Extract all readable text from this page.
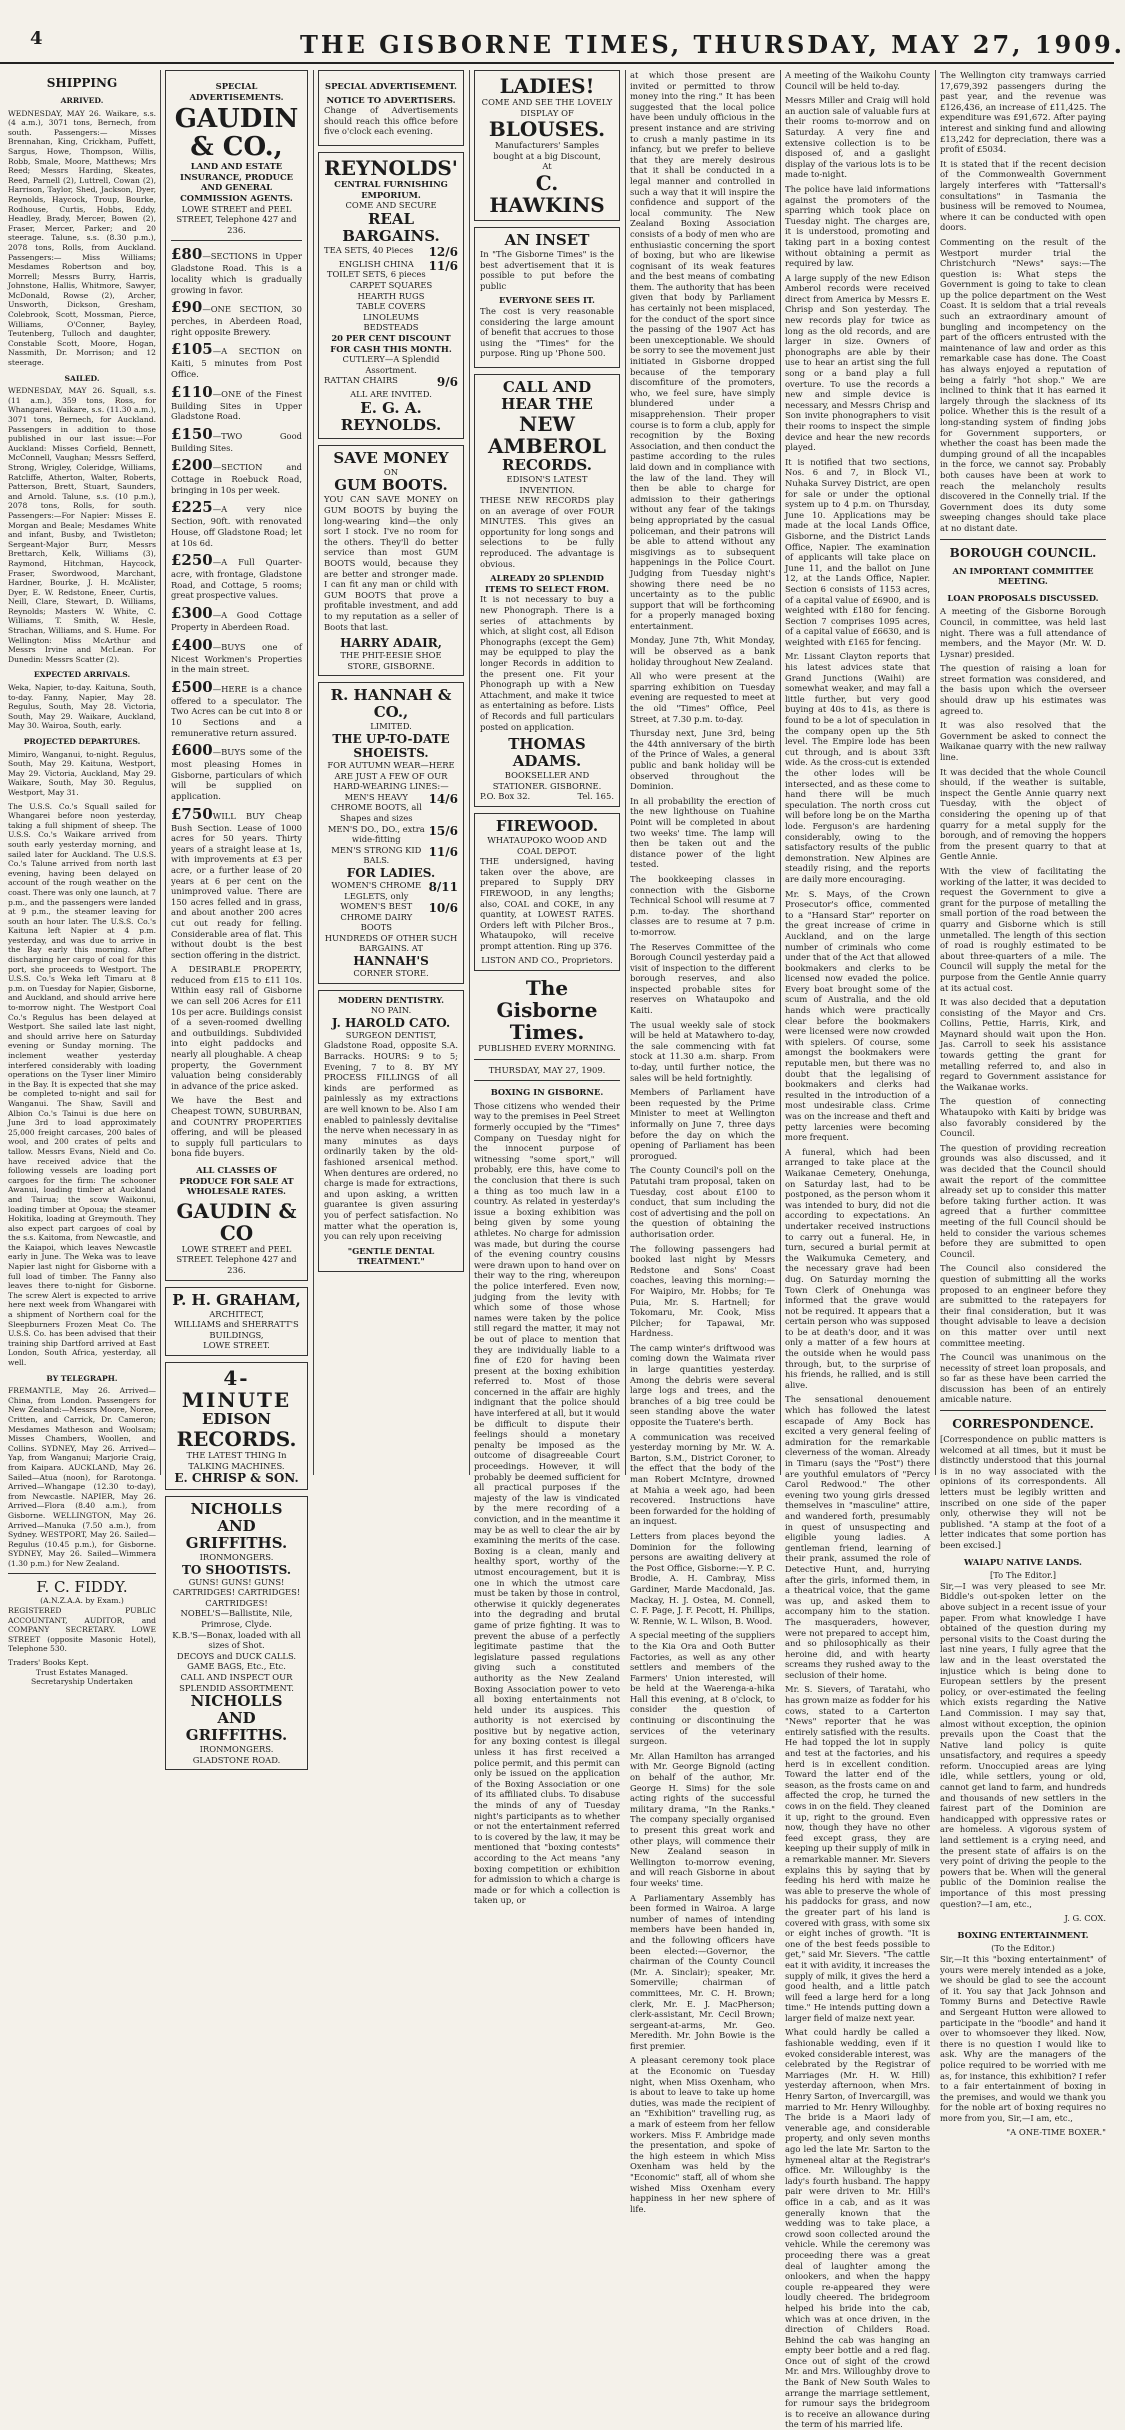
4	THE GISBORNE TIMES, THURSDAY, MAY 27, 1909.
SHIPPING
ARRIVED.

WEDNESDAY, MAY 26. Waikare, s.s. (4 a.m.), 3071 tons, Bernech, from south. Passengers:— Misses Brennahan, King, Crickham, Puffett, Sargus, Howe, Thompson, Willis, Robb, Smale, Moore, Matthews; Mrs Reed; Messrs Harding, Skeates, Reed, Parnell (2), Luttrell, Cowan (2), Harrison, Taylor, Shed, Jackson, Dyer, Reynolds, Haycock, Troup, Bourke, Rodhouse, Curtis, Hobbs, Eddy, Headley, Brady, Mercer, Bowen (2), Fraser, Mercer, Parker; and 20 steerage. Talune, s.s. (8.30 p.m.), 2078 tons, Rolls, from Auckland. Passengers:— Miss Williams; Mesdames Robertson and boy, Morrell; Messrs Burry, Harris, Johnstone, Hallis, Whitmore, Sawyer, McDonald, Rowse (2), Archer, Unsworth, Dickson, Gresham, Colebrook, Scott, Mossman, Pierce, Williams, O'Conner, Bayley, Teutenberg, Tulloch and daughter, Constable Scott, Moore, Hogan, Nassmith, Dr. Morrison; and 12 steerage.

SAILED.

WEDNESDAY, MAY 26. Squall, s.s. (11 a.m.), 359 tons, Ross, for Whangarei. Waikare, s.s. (11.30 a.m.), 3071 tons, Bernech, for Auckland. Passengers in addition to those published in our last issue:—For Auckland: Misses Corfield, Bennett, McConnell, Vaughan; Messrs Sefferd, Strong, Wrigley, Coleridge, Williams, Ratcliffe, Atherton, Walter, Roberts, Patterson, Brett, Stuart, Saunders, and Arnold. Talune, s.s. (10 p.m.), 2078 tons, Rolls, for south. Passengers:—For Napier: Misses E. Morgan and Beale; Mesdames White and infant, Busby, and Twistleton; Sergeant-Major Burr, Messrs Brettarch, Kelk, Williams (3), Raymond, Hitchman, Haycock, Fraser, Swordwood, Marchant, Hardner, Bourke, J. H. McAlister, Dyer, E. W. Redstone, Eneer, Curtis, Neill, Clare, Stewart, D. Williams, Reynolds; Masters W. White, C. Williams, T. Smith, W. Hesle, Strachan, Williams, and S. Hume. For Wellington: Miss McArthur and Messrs Irvine and McLean. For Dunedin: Messrs Scatter (2).

EXPECTED ARRIVALS.

Weka, Napier, to-day. Kaituna, South, to-day. Fanny, Napier, May 28. Regulus, South, May 28. Victoria, South, May 29. Waikare, Auckland, May 30. Wairoa, South, early.

PROJECTED DEPARTURES.

Mimiro, Wanganui, to-night. Regulus, South, May 29. Kaituna, Westport, May 29. Victoria, Auckland, May 29. Waikare, South, May 30. Regulus, Westport, May 31.

The U.S.S. Co.'s Squall sailed for Whangarei before noon yesterday, taking a full shipment of sheep. The U.S.S. Co.'s Waikare arrived from south early yesterday morning, and sailed later for Auckland. The U.S.S. Co.'s Talune arrived from north last evening, having been delayed on account of the rough weather on the coast. There was only one launch, at 7 p.m., and the passengers were landed at 9 p.m., the steamer leaving for south an hour later. The U.S.S. Co.'s Kaituna left Napier at 4 p.m. yesterday, and was due to arrive in the Bay early this morning. After discharging her cargo of coal for this port, she proceeds to Westport. The U.S.S. Co.'s Weka left Timaru at 8 p.m. on Tuesday for Napier, Gisborne, and Auckland, and should arrive here to-morrow night. The Westport Coal Co.'s Regulus has been delayed at Westport. She sailed late last night, and should arrive here on Saturday evening or Sunday morning. The inclement weather yesterday interfered considerably with loading operations on the Tyser liner Mimiro in the Bay. It is expected that she may be completed to-night and sail for Wanganui. The Shaw, Savill and Albion Co.'s Tainui is due here on June 3rd to load approximately 25,000 freight carcases, 200 bales of wool, and 200 crates of pelts and tallow. Messrs Evans, Nield and Co. have received advice that the following vessels are loading port cargoes for the firm: The schooner Awanui, loading timber at Auckland and Tairua; the scow Waikonui, loading timber at Opoua; the steamer Hokitika, loading at Greymouth. They also expect part cargoes of coal by the s.s. Kaitoma, from Newcastle, and the Kaiapoi, which leaves Newcastle early in June. The Weka was to leave Napier last night for Gisborne with a full load of timber. The Fanny also leaves there to-night for Gisborne. The screw Alert is expected to arrive here next week from Whangarei with a shipment of Northern coal for the Sleepburners Frozen Meat Co. The U.S.S. Co. has been advised that their training ship Dartford arrived at East London, South Africa, yesterday, all well.

BY TELEGRAPH.

FREMANTLE, May 26. Arrived—China, from London. Passengers for New Zealand:—Messrs Moore, Noree, Critten, and Carrick, Dr. Cameron; Mesdames Matheson and Woolsam; Misses Chambers, Woollen, and Collins. SYDNEY, May 26. Arrived—Yap, from Wanganui; Marjorie Craig, from Kaipara. AUCKLAND, May 26. Sailed—Atua (noon), for Rarotonga. Arrived—Whangape (12.30 to-day), from Newcastle. NAPIER, May 26. Arrived—Flora (8.40 a.m.), from Gisborne. WELLINGTON, May 26. Arrived—Manuka (7.50 a.m.), from Sydney. WESTPORT, May 26. Sailed—Regulus (10.45 p.m.), for Gisborne. SYDNEY, May 26. Sailed—Wimmera (1.30 p.m.) for New Zealand.

F. C. FIDDY.
(A.N.Z.A.A. by Exam.)

REGISTERED PUBLIC ACCOUNTANT, AUDITOR, and COMPANY SECRETARY. LOWE STREET (opposite Masonic Hotel), Telephone 530.

Traders' Books Kept.
Trust Estates Managed.
Secretaryship Undertaken
SPECIAL ADVERTISEMENTS.
GAUDIN & CO.,
LAND AND ESTATE INSURANCE, PRODUCE AND GENERAL COMMISSION AGENTS.
LOWE STREET and PEEL STREET, Telephone 427 and 236.

£80—SECTIONS in Upper Gladstone Road. This is a locality which is gradually growing in favor.

£90—ONE SECTION, 30 perches, in Aberdeen Road, right opposite Brewery.

£105—A SECTION on Kaiti, 5 minutes from Post Office.

£110—ONE of the Finest Building Sites in Upper Gladstone Road.

£150—TWO Good Building Sites.

£200—SECTION and Cottage in Roebuck Road, bringing in 10s per week.

£225—A very nice Section, 90ft. with renovated House, off Gladstone Road; let at 10s 6d.

£250—A Full Quarter-acre, with frontage, Gladstone Road, and Cottage, 5 rooms; great prospective values.

£300—A Good Cottage Property in Aberdeen Road.

£400—BUYS one of Nicest Workmen's Properties in the main street.

£500—HERE is a chance offered to a speculator. The Two Acres can be cut into 8 or 10 Sections and a remunerative return assured.

£600—BUYS some of the most pleasing Homes in Gisborne, particulars of which will be supplied on application.

£750WILL BUY Cheap Bush Section. Lease of 1000 acres for 50 years. Thirty years of a straight lease at 1s, with improvements at £3 per acre, or a further lease of 20 years at 6 per cent on the unimproved value. There are 150 acres felled and in grass, and about another 200 acres cut out ready for felling. Considerable area of flat. This without doubt is the best section offering in the district.

A DESIRABLE PROPERTY, reduced from £15 to £11 10s. Within easy rail of Gisborne we can sell 206 Acres for £11 10s per acre. Buildings consist of a seven-roomed dwelling and outbuildings. Subdivided into eight paddocks and nearly all ploughable. A cheap property, the Government valuation being considerably in advance of the price asked.

We have the Best and Cheapest TOWN, SUBURBAN, and COUNTRY PROPERTIES offering, and will be pleased to supply full particulars to bona fide buyers.

ALL CLASSES OF PRODUCE FOR SALE AT WHOLESALE RATES.
GAUDIN & CO
LOWE STREET and PEEL STREET. Telephone 427 and 236.
P. H. GRAHAM,
ARCHITECT,
WILLIAMS and SHERRATT'S
BUILDINGS,
LOWE STREET.
4-MINUTE
EDISON
RECORDS.
THE LATEST THING In TALKING MACHINES.
E. CHRISP & SON.
NICHOLLS AND GRIFFITHS.
IRONMONGERS.
TO SHOOTISTS.
GUNS! GUNS! GUNS!
CARTRIDGES! CARTRIDGES! CARTRIDGES!
NOBEL'S—Ballistite, Nile, Primrose, Clyde.
K.B.'S—Bonax, loaded with all sizes of Shot.
DECOYS and DUCK CALLS.
GAME BAGS, Etc., Etc.
CALL AND INSPECT OUR SPLENDID ASSORTMENT.
NICHOLLS AND GRIFFITHS.
IRONMONGERS.
GLADSTONE ROAD.
SPECIAL ADVERTISEMENT.
NOTICE TO ADVERTISERS.

Change of Advertisements should reach this office before five o'clock each evening.

REYNOLDS'
CENTRAL FURNISHING EMPORIUM.
COME AND SECURE
REAL BARGAINS.
TEA SETS, 40 Pieces 12/6
ENGLISH CHINA TOILET SETS, 6 pieces
11/6
CARPET SQUARES
HEARTH RUGS
TABLE COVERS
LINOLEUMS
BEDSTEADS
20 PER CENT DISCOUNT FOR CASH THIS MONTH.
CUTLERY—A Splendid Assortment.
RATTAN CHAIRS	9/6
ALL ARE INVITED.
E. G. A. REYNOLDS.
SAVE MONEY
ON
GUM BOOTS.

YOU CAN SAVE MONEY on GUM BOOTS by buying the long-wearing kind—the only sort I stock. I've no room for the others. They'll do better service than most GUM BOOTS would, because they are better and stronger made. I can fit any man or child with GUM BOOTS that prove a profitable investment, and add to my reputation as a seller of Boots that last.

HARRY ADAIR,
THE PHIT-EESIE SHOE STORE, GISBORNE.
R. HANNAH & CO.,
LIMITED.
THE UP-TO-DATE SHOEISTS.
FOR AUTUMN WEAR—HERE ARE JUST A FEW OF OUR HARD-WEARING LINES:—
MEN'S HEAVY CHROME BOOTS, all Shapes and sizes
14/6
MEN'S DO., DO., extra wide-fitting
15/6
MEN'S STRONG KID BALS.
11/6
FOR LADIES.
WOMEN'S CHROME LEGLETS, only
8/11
WOMEN'S BEST CHROME DAIRY BOOTS
10/6
HUNDREDS OF OTHER SUCH BARGAINS. AT
HANNAH'S
CORNER STORE.
MODERN DENTISTRY.
NO PAIN.
J. HAROLD CATO.
SURGEON DENTIST,

Gladstone Road, opposite S.A. Barracks. HOURS: 9 to 5; Evening, 7 to 8. BY MY PROCESS FILLINGS of all kinds are performed as painlessly as my extractions are well known to be. Also I am enabled to painlessly devitalise the nerve when necessary in as many minutes as days ordinarily taken by the old-fashioned arsenical method. When dentures are ordered, no charge is made for extractions, and upon asking, a written guarantee is given assuring you of perfect satisfaction. No matter what the operation is, you can rely upon receiving

"GENTLE DENTAL TREATMENT."
LADIES!
COME AND SEE THE LOVELY DISPLAY OF
BLOUSES.
Manufacturers' Samples bought at a big Discount,
At
C. HAWKINS
AN INSET

In "The Gisborne Times" is the best advertisement that it is possible to put before the public

EVERYONE SEES IT.

The cost is very reasonable considering the large amount of benefit that accrues to those using the "Times" for the purpose. Ring up 'Phone 500.

CALL AND HEAR THE
NEW
AMBEROL
RECORDS.
EDISON'S LATEST INVENTION.

THESE NEW RECORDS play on an average of over FOUR MINUTES. This gives an opportunity for long songs and selections to be fully reproduced. The advantage is obvious.

ALREADY 20 SPLENDID ITEMS TO SELECT FROM.

It is not necessary to buy a new Phonograph. There is a series of attachments by which, at slight cost, all Edison Phonographs (except the Gem) may be equipped to play the longer Records in addition to the present one. Fit your Phonograph up with a New Attachment, and make it twice as entertaining as before. Lists of Records and full particulars posted on application.

THOMAS ADAMS.
BOOKSELLER AND STATIONER. GISBORNE.
P.O. Box 32.	Tel. 165.
FIREWOOD.
WHATAUPOKO WOOD AND COAL DEPOT.

THE undersigned, having taken over the above, are prepared to Supply DRY FIREWOOD, in any lengths; also, COAL and COKE, in any quantity, at LOWEST RATES. Orders left with Pilcher Bros., Whataupoko, will receive prompt attention. Ring up 376.

LISTON AND CO., Proprietors.
The Gisborne Times.
PUBLISHED EVERY MORNING.
THURSDAY, MAY 27, 1909.
BOXING IN GISBORNE.

Those citizens who wended their way to the premises in Peel Street formerly occupied by the "Times" Company on Tuesday night for the innocent purpose of witnessing "some sport," will probably, ere this, have come to the conclusion that there is such a thing as too much law in a country. As related in yesterday's issue a boxing exhibition was being given by some young athletes. No charge for admission was made, but during the course of the evening country cousins were drawn upon to hand over on their way to the ring, whereupon the police interfered. Even now, judging from the levity with which some of those whose names were taken by the police still regard the matter, it may not be out of place to mention that they are individually liable to a fine of £20 for having been present at the boxing exhibition referred to. Most of those concerned in the affair are highly indignant that the police should have interfered at all, but it would be difficult to dispute their feelings should a monetary penalty be imposed as the outcome of disagreeable Court proceedings. However, it will probably be deemed sufficient for all practical purposes if the majesty of the law is vindicated by the mere recording of a conviction, and in the meantime it may be as well to clear the air by examining the merits of the case. Boxing is a clean, manly and healthy sport, worthy of the utmost encouragement, but it is one in which the utmost care must be taken by those in control, otherwise it quickly degenerates into the degrading and brutal game of prize fighting. It was to prevent the abuse of a perfectly legitimate pastime that the legislature passed regulations giving such a constituted authority as the New Zealand Boxing Association power to veto all boxing entertainments not held under its auspices. This authority is not exercised by positive but by negative action, for any boxing contest is illegal unless it has first received a police permit, and this permit can only be issued on the application of the Boxing Association or one of its affiliated clubs. To disabuse the minds of any of Tuesday night's participants as to whether or not the entertainment referred to is covered by the law, it may be mentioned that "boxing contests" according to the Act means "any boxing competition or exhibition for admission to which a charge is made or for which a collection is taken up, or

at which those present are invited or permitted to throw money into the ring." It has been suggested that the local police have been unduly officious in the present instance and are striving to crush a manly pastime in its infancy, but we prefer to believe that they are merely desirous that it shall be conducted in a legal manner and controlled in such a way that it will inspire the confidence and support of the local community. The New Zealand Boxing Association consists of a body of men who are enthusiastic concerning the sport of boxing, but who are likewise cognisant of its weak features and the best means of combating them. The authority that has been given that body by Parliament has certainly not been misplaced, for the conduct of the sport since the passing of the 1907 Act has been unexceptionable. We should be sorry to see the movement just initiated in Gisborne dropped because of the temporary discomfiture of the promoters, who, we feel sure, have simply blundered under a misapprehension. Their proper course is to form a club, apply for recognition by the Boxing Association, and then conduct the pastime according to the rules laid down and in compliance with the law of the land. They will then be able to charge for admission to their gatherings without any fear of the takings being appropriated by the casual policeman, and their patrons will be able to attend without any misgivings as to subsequent happenings in the Police Court. Judging from Tuesday night's showing there need be no uncertainty as to the public support that will be forthcoming for a properly managed boxing entertainment.

Monday, June 7th, Whit Monday, will be observed as a bank holiday throughout New Zealand.

All who were present at the sparring exhibition on Tuesday evening are requested to meet at the old "Times" Office, Peel Street, at 7.30 p.m. to-day.

Thursday next, June 3rd, being the 44th anniversary of the birth of the Prince of Wales, a general public and bank holiday will be observed throughout the Dominion.

In all probability the erection of the new lighthouse on Tuahine Point will be completed in about two weeks' time. The lamp will then be taken out and the distance power of the light tested.

The bookkeeping classes in connection with the Gisborne Technical School will resume at 7 p.m. to-day. The shorthand classes are to resume at 7 p.m. to-morrow.

The Reserves Committee of the Borough Council yesterday paid a visit of inspection to the different borough reserves, and also inspected probable sites for reserves on Whataupoko and Kaiti.

The usual weekly sale of stock will be held at Matawhero to-day, the sale commencing with fat stock at 11.30 a.m. sharp. From to-day, until further notice, the sales will be held fortnightly.

Members of Parliament have been requested by the Prime Minister to meet at Wellington informally on June 7, three days before the day on which the opening of Parliament has been prorogued.

The County Council's poll on the Patutahi tram proposal, taken on Tuesday, cost about £100 to conduct, that sum including the cost of advertising and the poll on the question of obtaining the authorisation order.

The following passengers had booked last night by Messrs Redstone and Sons' Coast coaches, leaving this morning:— For Waipiro, Mr. Hobbs; for Te Puia, Mr. S. Hartnell; for Tokomaru, Mr. Cook, Miss Pilcher; for Tapawai, Mr. Hardness.

The camp winter's driftwood was coming down the Waimata river in large quantities yesterday. Among the debris were several large logs and trees, and the branches of a big tree could be seen standing above the water opposite the Tuatere's berth.

A communication was received yesterday morning by Mr. W. A. Barton, S.M., District Coroner, to the effect that the body of the man Robert McIntyre, drowned at Mahia a week ago, had been recovered. Instructions have been forwarded for the holding of an inquest.

Letters from places beyond the Dominion for the following persons are awaiting delivery at the Post Office, Gisborne:—Y. P. C. Brodie, A. H. Cambray, Miss Gardiner, Marde Macdonald, Jas. Mackay, H. J. Ostea, M. Connell, C. F. Page, J. F. Pecott, H. Phillips, W. Rennie, W. L. Wilson, B. Wood.

A special meeting of the suppliers to the Kia Ora and Ooth Butter Factories, as well as any other settlers and members of the Farmers' Union interested, will be held at the Waerenga-a-hika Hall this evening, at 8 o'clock, to consider the question of continuing or discontinuing the services of the veterinary surgeon.

Mr. Allan Hamilton has arranged with Mr. George Bignold (acting on behalf of the author, Mr. George H. Sims) for the sole acting rights of the successful military drama, "In the Ranks." The company specially organised to present this great work and other plays, will commence their New Zealand season in Wellington to-morrow evening, and will reach Gisborne in about four weeks' time.

A Parliamentary Assembly has been formed in Wairoa. A large number of names of intending members have been handed in, and the following officers have been elected:—Governor, the chairman of the County Council (Mr. A. Sinclair); speaker, Mr. Somerville; chairman of committees, Mr. C. H. Brown; clerk, Mr. E. J. MacPherson; clerk-assistant, Mr. Cecil Brown; sergeant-at-arms, Mr. Geo. Meredith. Mr. John Bowie is the first premier.

A pleasant ceremony took place at the Economic on Tuesday night, when Miss Oxenham, who is about to leave to take up home duties, was made the recipient of an "Exhibition" travelling rug, as a mark of esteem from her fellow workers. Miss F. Ambridge made the presentation, and spoke of the high esteem in which Miss Oxenham was held by the "Economic" staff, all of whom she wished Miss Oxenham every happiness in her new sphere of life.

A meeting of the Waikohu County Council will be held to-day.

Messrs Miller and Craig will hold an auction sale of valuable furs at their rooms to-morrow and on Saturday. A very fine and extensive collection is to be disposed of, and a gaslight display of the various lots is to be made to-night.

The police have laid informations against the promoters of the sparring which took place on Tuesday night. The charges are, it is understood, promoting and taking part in a boxing contest without obtaining a permit as required by law.

A large supply of the new Edison Amberol records were received direct from America by Messrs E. Chrisp and Son yesterday. The new records play for twice as long as the old records, and are larger in size. Owners of phonographs are able by their use to hear an artist sing the full song or a band play a full overture. To use the records a new and simple device is necessary, and Messrs Chrisp and Son invite phonographers to visit their rooms to inspect the simple device and hear the new records played.

It is notified that two sections, Nos. 6 and 7, in Block VI., Nuhaka Survey District, are open for sale or under the optional system up to 4 p.m. on Thursday, June 10. Applications may be made at the local Lands Office, Gisborne, and the District Lands Office, Napier. The examination of applicants will take place on June 11, and the ballot on June 12, at the Lands Office, Napier. Section 6 consists of 1153 acres, of a capital value of £6900, and is weighted with £180 for fencing. Section 7 comprises 1095 acres, of a capital value of £6630, and is weighted with £165 for fencing.

Mr. Lissant Clayton reports that his latest advices state that Grand Junctions (Waihi) are somewhat weaker, and may fall a little further, but very good buying at 40s to 41s, as there is found to be a lot of speculation in the company open up the 5th level. The Empire lode has been cut through, and is about 33ft wide. As the cross-cut is extended the other lodes will be intersected, and as these come to hand there will be much speculation. The north cross cut will before long be on the Martha lode. Ferguson's are hardening considerably, owing to the satisfactory results of the public demonstration. New Alpines are steadily rising, and the reports are daily more encouraging.

Mr. S. Mays, of the Crown Prosecutor's office, commented to a "Hansard Star" reporter on the great increase of crime in Auckland, and on the large number of criminals who come under that of the Act that allowed bookmakers and clerks to be licensed now evaded the police. Every boat brought some of the scum of Australia, and the old hands which were practically clear before the bookmakers were licensed were now crowded with spielers. Of course, some amongst the bookmakers were reputable men, but there was no doubt that the legalising of bookmakers and clerks had resulted in the introduction of a most undesirable class. Crime was on the increase and theft and petty larcenies were becoming more frequent.

A funeral, which had been arranged to take place at the Waikanae Cemetery, Onehunga, on Saturday last, had to be postponed, as the person whom it was intended to bury, did not die according to expectations. An undertaker received instructions to carry out a funeral. He, in turn, secured a burial permit at the Waikumuka Cemetery, and the necessary grave had been dug. On Saturday morning the Town Clerk of Onehunga was informed that the grave would not be required. It appears that a certain person who was supposed to be at death's door, and it was only a matter of a few hours at the outside when he would pass through, but, to the surprise of his friends, he rallied, and is still alive.

The sensational denouement which has followed the latest escapade of Amy Bock has excited a very general feeling of admiration for the remarkable cleverness of the woman. Already in Timaru (says the "Post") there are youthful emulators of "Percy Carol Redwood." The other evening two young girls dressed themselves in "masculine" attire, and wandered forth, presumably in quest of unsuspecting and eligible young ladies. A gentleman friend, learning of their prank, assumed the role of Detective Hunt, and, hurrying after the girls, informed them, in a theatrical voice, that the game was up, and asked them to accompany him to the station. The masqueraders, however, were not prepared to accept him, and so philosophically as their heroine did, and with hearty screams they rushed away to the seclusion of their home.

Mr. S. Sievers, of Taratahi, who has grown maize as fodder for his cows, stated to a Carterton "News" reporter that he was entirely satisfied with the results. He had topped the lot in supply and test at the factories, and his herd is in excellent condition. Toward the latter end of the season, as the frosts came on and affected the crop, he turned the cows in on the field. They cleaned it up, right to the ground. Even now, though they have no other feed except grass, they are keeping up their supply of milk in a remarkable manner. Mr. Sievers explains this by saying that by feeding his herd with maize he was able to preserve the whole of his paddocks for grass, and now the greater part of his land is covered with grass, with some six or eight inches of growth. "It is one of the best feeds possible to get," said Mr. Sievers. "The cattle eat it with avidity, it increases the supply of milk, it gives the herd a good health, and a little patch will feed a large herd for a long time." He intends putting down a larger field of maize next year.

What could hardly be called a fashionable wedding, even if it evoked considerable interest, was celebrated by the Registrar of Marriages (Mr. H. W. Hill) yesterday afternoon, when Mrs. Henry Sarton, of Invercargill, was married to Mr. Henry Willoughby. The bride is a Maori lady of venerable age, and considerable property, and only seven months ago led the late Mr. Sarton to the hymeneal altar at the Registrar's office. Mr. Willoughby is the lady's fourth husband. The happy pair were driven to Mr. Hill's office in a cab, and as it was generally known that the wedding was to take place, a crowd soon collected around the vehicle. While the ceremony was proceeding there was a great deal of laughter among the onlookers, and when the happy couple re-appeared they were loudly cheered. The bridegroom helped his bride into the cab, which was at once driven, in the direction of Childers Road. Behind the cab was hanging an empty beer bottle and a red flag. Once out of sight of the crowd Mr. and Mrs. Willoughby drove to the Bank of New South Wales to arrange the marriage settlement, for rumour says the bridegroom is to receive an allowance during the term of his married life.

The Wellington city tramways carried 17,679,392 passengers during the past year, and the revenue was £126,436, an increase of £11,425. The expenditure was £91,672. After paying interest and sinking fund and allowing £13,242 for depreciation, there was a profit of £5034.

It is stated that if the recent decision of the Commonwealth Government largely interferes with "Tattersall's consultations" in Tasmania the business will be removed to Noumea, where it can be conducted with open doors.

Commenting on the result of the Westport murder trial the Christchurch "News" says:—The question is: What steps the Government is going to take to clean up the police department on the West Coast. It is seldom that a trial reveals such an extraordinary amount of bungling and incompetency on the part of the officers entrusted with the maintenance of law and order as this remarkable case has done. The Coast has always enjoyed a reputation of being a fairly "hot shop." We are inclined to think that it has earned it largely through the slackness of its police. Whether this is the result of a long-standing system of finding jobs for Government supporters, or whether the coast has been made the dumping ground of all the incapables in the force, we cannot say. Probably both causes have been at work to reach the melancholy results discovered in the Connelly trial. If the Government does its duty some sweeping changes should take place at no distant date.

BOROUGH COUNCIL.
AN IMPORTANT COMMITTEE MEETING.
LOAN PROPOSALS DISCUSSED.

A meeting of the Gisborne Borough Council, in committee, was held last night. There was a full attendance of members, and the Mayor (Mr. W. D. Lysnar) presided.

The question of raising a loan for street formation was considered, and the basis upon which the overseer should draw up his estimates was agreed to.

It was also resolved that the Government be asked to connect the Waikanae quarry with the new railway line.

It was decided that the whole Council should, if the weather is suitable, inspect the Gentle Annie quarry next Tuesday, with the object of considering the opening up of that quarry for a metal supply for the borough, and of removing the hoppers from the present quarry to that at Gentle Annie.

With the view of facilitating the working of the latter, it was decided to request the Government to give a grant for the purpose of metalling the small portion of the road between the quarry and Gisborne which is still unmetalled. The length of this section of road is roughly estimated to be about three-quarters of a mile. The Council will supply the metal for the purpose from the Gentle Annie quarry at its actual cost.

It was also decided that a deputation consisting of the Mayor and Crs. Collins, Pettie, Harris, Kirk, and Maynard should wait upon the Hon. Jas. Carroll to seek his assistance towards getting the grant for metalling referred to, and also in regard to Government assistance for the Waikanae works.

The question of connecting Whataupoko with Kaiti by bridge was also favorably considered by the Council.

The question of providing recreation grounds was also discussed, and it was decided that the Council should await the report of the committee already set up to consider this matter before taking further action. It was agreed that a further committee meeting of the full Council should be held to consider the various schemes before they are submitted to open Council.

The Council also considered the question of submitting all the works proposed to an engineer before they are submitted to the ratepayers for their final consideration, but it was thought advisable to leave a decision on this matter over until next committee meeting.

The Council was unanimous on the necessity of street loan proposals, and so far as these have been carried the discussion has been of an entirely amicable nature.

CORRESPONDENCE.

[Correspondence on public matters is welcomed at all times, but it must be distinctly understood that this journal is in no way associated with the opinions of its correspondents. All letters must be legibly written and inscribed on one side of the paper only, otherwise they will not be published. "A stamp at the foot of a letter indicates that some portion has been excised.]

WAIAPU NATIVE LANDS.
[To The Editor.]

Sir,—I was very pleased to see Mr. Biddle's out-spoken letter on the above subject in a recent issue of your paper. From what knowledge I have obtained of the question during my personal visits to the Coast during the last nine years, I fully agree that the law and in the least overstated the injustice which is being done to European settlers by the present policy, or over-estimated the feeling which exists regarding the Native Land Commission. I may say that, almost without exception, the opinion prevails upon the Coast that the Native land policy is quite unsatisfactory, and requires a speedy reform. Unoccupied areas are lying idle, while settlers, young or old, cannot get land to farm, and hundreds and thousands of new settlers in the fairest part of the Dominion are handicapped with oppressive rates or are homeless. A vigorous system of land settlement is a crying need, and the present state of affairs is on the very point of driving the people to the powers that be. When will the general public of the Dominion realise the importance of this most pressing question?—I am, etc.,

J. G. COX.
BOXING ENTERTAINMENT.
(To the Editor.)

Sir,—It this "boxing entertainment" of yours were merely intended as a joke, we should be glad to see the account of it. You say that Jack Johnson and Tommy Burns and Detective Rawle and Sergeant Hutton were allowed to participate in the "boodle" and hand it over to whomsoever they liked. Now, there is no question I would like to ask. Why are the managers of the police required to be worried with me as, for instance, this exhibition? I refer to a fair entertainment of boxing in the premises, and would we thank you for the noble art of boxing requires no more from you, Sir,—I am, etc.,

"A ONE-TIME BOXER."
